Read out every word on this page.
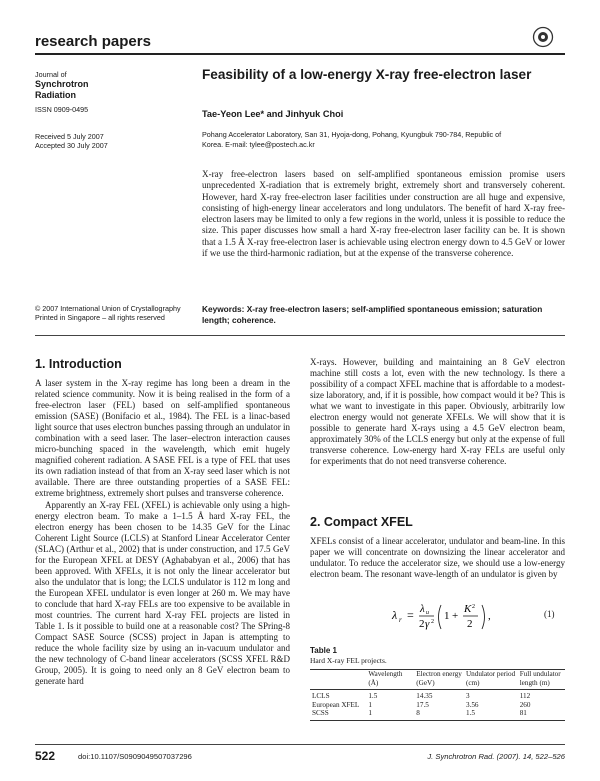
research papers
Journal of
Synchrotron
Radiation
ISSN 0909-0495
Received 5 July 2007
Accepted 30 July 2007
© 2007 International Union of Crystallography
Printed in Singapore – all rights reserved
Feasibility of a low-energy X-ray free-electron laser
Tae-Yeon Lee* and Jinhyuk Choi
Pohang Accelerator Laboratory, San 31, Hyoja-dong, Pohang, Kyungbuk 790-784, Republic of
Korea. E-mail: tylee@postech.ac.kr

X-ray free-electron lasers based on self-amplified spontaneous emission promise users unprecedented X-radiation that is extremely bright, extremely short and transversely coherent. However, hard X-ray free-electron laser facilities under construction are all huge and expensive, consisting of high-energy linear accelerators and long undulators. The benefit of hard X-ray free-electron lasers may be limited to only a few regions in the world, unless it is possible to reduce the size. This paper discusses how small a hard X-ray free-electron laser facility can be. It is shown that a 1.5 Å X-ray free-electron laser is achievable using electron energy down to 4.5 GeV or lower if we use the third-harmonic radiation, but at the expense of the transverse coherence.

Keywords: X-ray free-electron lasers; self-amplified spontaneous emission; saturation length; coherence.
1. Introduction

A laser system in the X-ray regime has long been a dream in the related science community. Now it is being realised in the form of a free-electron laser (FEL) based on self-amplified spontaneous emission (SASE) (Bonifacio et al., 1984). The FEL is a linac-based light source that uses electron bunches passing through an undulator in combination with a seed laser. The laser–electron interaction causes micro-bunching spaced in the wavelength, which emit hugely magnified coherent radiation. A SASE FEL is a type of FEL that uses its own radiation instead of that from an X-ray seed laser which is not available. There are three outstanding properties of a SASE FEL: extreme brightness, extremely short pulses and transverse coherence.

Apparently an X-ray FEL (XFEL) is achievable only using a high-energy electron beam. To make a 1–1.5 Å hard X-ray FEL, the electron energy has been chosen to be 14.35 GeV for the Linac Coherent Light Source (LCLS) at Stanford Linear Accelerator Center (SLAC) (Arthur et al., 2002) that is under construction, and 17.5 GeV for the European XFEL at DESY (Aghababyan et al., 2006) that has been approved. With XFELs, it is not only the linear accelerator but also the undulator that is long; the LCLS undulator is 112 m long and the European XFEL undulator is even longer at 260 m. We may have to conclude that hard X-ray FELs are too expensive to be available in most countries. The current hard X-ray FEL projects are listed in Table 1. Is it possible to build one at a reasonable cost? The SPring-8 Compact SASE Source (SCSS) project in Japan is attempting to reduce the whole facility size by using an in-vacuum undulator and the new technology of C-band linear accelerators (SCSS XFEL R&D Group, 2005). It is going to need only an 8 GeV electron beam to generate hard

X-rays. However, building and maintaining an 8 GeV electron machine still costs a lot, even with the new technology. Is there a possibility of a compact XFEL machine that is affordable to a modest-size laboratory, and, if it is possible, how compact would it be? This is what we want to investigate in this paper. Obviously, arbitrarily low electron energy would not generate XFELs. We will show that it is possible to generate hard X-rays using a 4.5 GeV electron beam, approximately 30% of the LCLS energy but only at the expense of full transverse coherence. Low-energy hard X-ray FELs are useful only for experiments that do not need transverse coherence.

2. Compact XFEL

XFELs consist of a linear accelerator, undulator and beam-line. In this paper we will concentrate on downsizing the linear accelerator and undulator. To reduce the accelerator size, we should use a low-energy electron beam. The resonant wave-length of an undulator is given by

λ r = λ u
2 γ 2 1 +
K 2
2
,	(1)
Table 1
Hard X-ray FEL projects.
	Wavelength (Å)	Electron energy (GeV)	Undulator period (cm)	Full undulator length (m)

LCLS	1.5	14.35	3	112
European XFEL	1	17.5	3.56	260
SCSS	1	8	1.5	81
522	doi:10.1107/S0909049507037296	J. Synchrotron Rad. (2007). 14, 522–526
